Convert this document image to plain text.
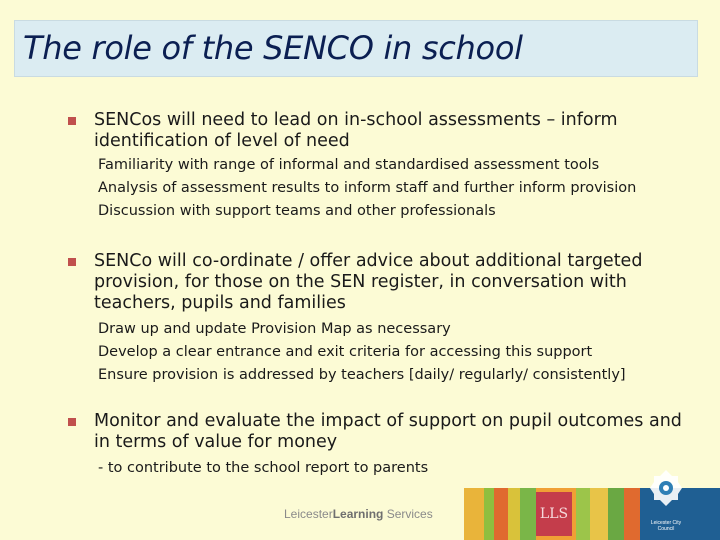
The role of the SENCO in school
SENCos will need to lead on in-school assessments – inform identification of level of need
Familiarity with range of informal and standardised assessment tools
Analysis of assessment results to inform staff and further inform provision
Discussion with support teams and other professionals
SENCo will co-ordinate / offer advice about additional targeted provision, for those on the SEN register, in conversation with teachers, pupils and families
Draw up and update Provision Map as necessary
Develop a clear entrance and exit criteria for accessing this support
Ensure provision is addressed by teachers [daily/ regularly/ consistently]
Monitor and evaluate the impact of support on pupil outcomes and in terms of value for money
- to contribute to the school report to parents
LeicesterLearning Services	LLS
Leicester City Council
